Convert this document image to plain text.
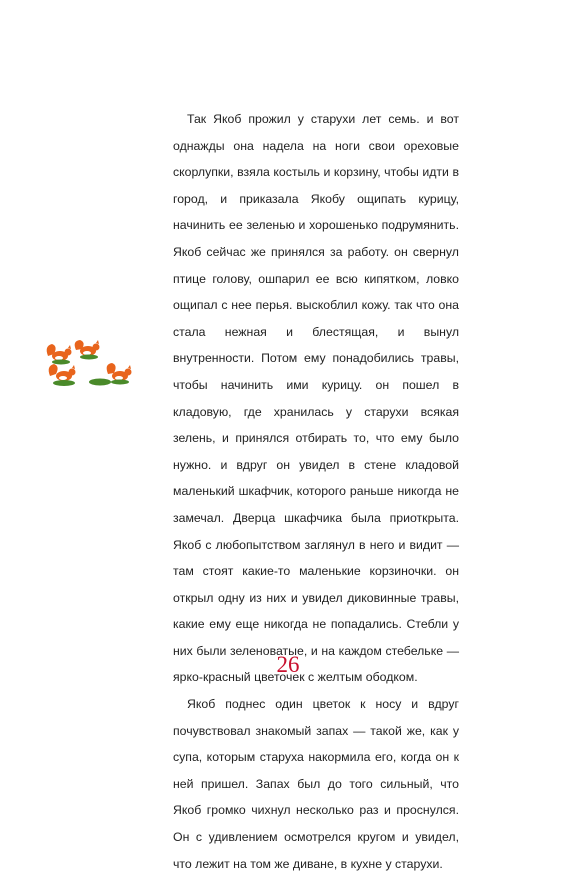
Так Якоб прожил у старухи лет семь. и вот однажды она надела на ноги свои ореховые скорлупки, взяла костыль и корзину, чтобы идти в город, и приказала Якобу ощипать курицу, начинить ее зеленью и хорошенько подрумянить. Якоб сейчас же принялся за работу. он свернул птице голову, ошпарил ее всю кипятком, ловко ощипал с нее перья. выскоблил кожу. так что она стала нежная и блестящая, и вынул внутренности. Потом ему понадобились травы, чтобы начинить ими курицу. он пошел в кладовую, где хранилась у старухи всякая зелень, и принялся отбирать то, что ему было нужно. и вдруг он увидел в стене кладовой маленький шкафчик, которого раньше никогда не замечал. Дверца шкафчика была приоткрыта. Якоб с любопытством заглянул в него и видит — там стоят какие-то маленькие корзиночки. он открыл одну из них и увидел диковинные травы, какие ему еще никогда не попадались. Стебли у них были зеленоватые, и на каждом стебельке — ярко-красный цветочек с желтым ободком.

Якоб поднес один цветок к носу и вдруг почувствовал знакомый запах — такой же, как у супа, которым старуха накормила его, когда он к ней пришел. Запах был до того сильный, что Якоб громко чихнул несколько раз и проснулся. Он с удивлением осмотрелся кругом и увидел, что лежит на том же диване, в кухне у старухи.

26
